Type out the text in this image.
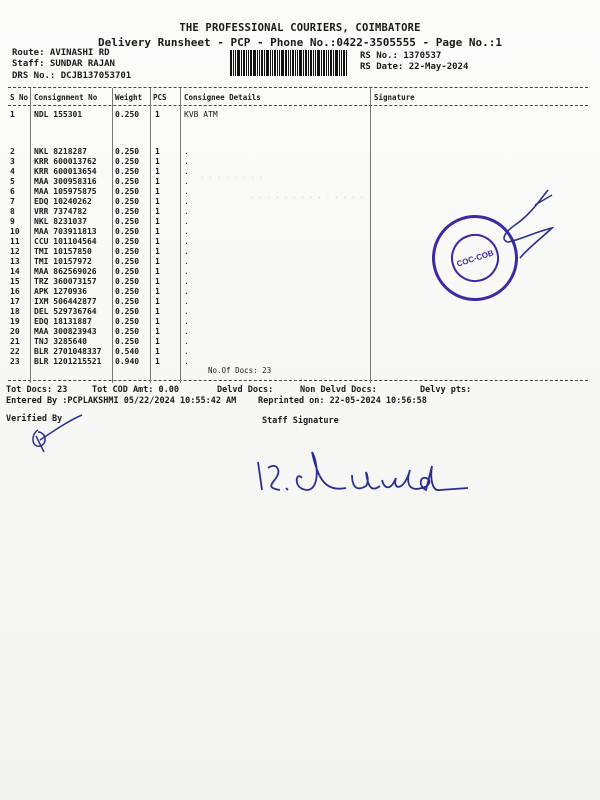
THE PROFESSIONAL COURIERS, COIMBATORE
Delivery Runsheet - PCP - Phone No.:0422-3505555 - Page No.:1
Route: AVINASHI RD
Staff: SUNDAR RAJAN
DRS No.: DCJB137053701
RS No.: 1370537
RS Date: 22-May-2024
S No Consignment No Weight PCS Consignee Details	Signature
1 NDL 155301	0.250 1	KVB ATM
2 NKL 8218287	0.250 1	.
3 KRR 600013762 0.250 1	.
4 KRR 600013654 0.250 1	.
5 MAA 300958316 0.250 1	.
6 MAA 105975875 0.250 1	.
7 EDQ 10240262	0.250 1	.
8 VRR 7374782	0.250 1	.
9 NKL 8231037	0.250 1	.
10 MAA 703911813 0.250 1	.
11 CCU 101104564 0.250 1	.
12 TMI 10157850	0.250 1	.
13 TMI 10157972	0.250 1	.
14 MAA 862569026 0.250 1	.
15 TRZ 360073157 0.250 1	.
16 APK 1270936	0.250 1	.
17 IXM 506442877 0.250 1	.
18 DEL 529736764 0.250 1	.
19 EDQ 18131887	0.250 1	.
20 MAA 300823943 0.250 1	.
21 TNJ 3285640	0.250 1	.
22 BLR 2701048337 0.540 1	.
23 BLR 1201215521 0.940 1	.
No.Of Docs: 23
. . . . . . . .
. . . . . . . . . . . . . .
Tot Docs: 23	Tot COD Amt: 0.00	Delvd Docs:	Non Delvd Docs:	Delvy pts:
Entered By :PCPLAKSHMI 05/22/2024 10:55:42 AM	Reprinted on: 22-05-2024 10:56:58
Verified By	Staff Signature
COC-COB
